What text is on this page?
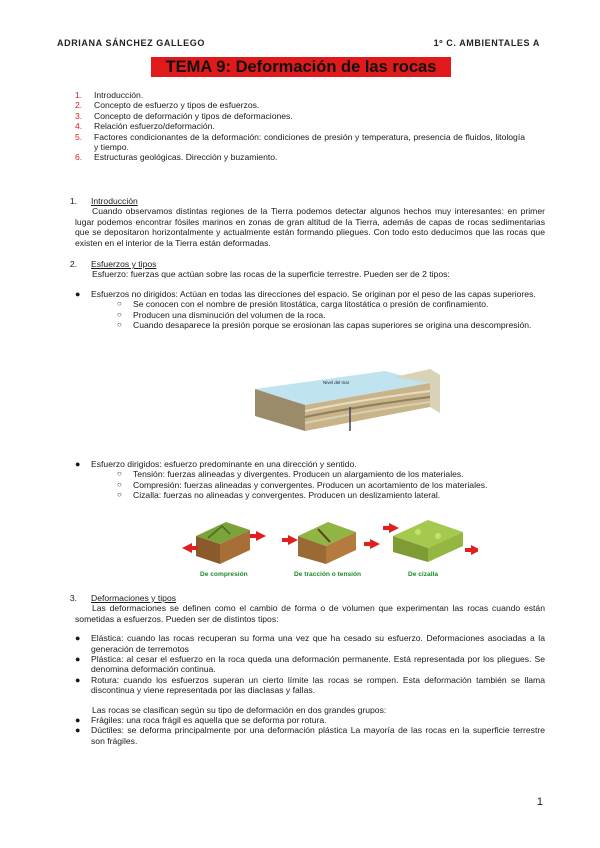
ADRIANA SÁNCHEZ GALLEGO	1º C. AMBIENTALES A
TEMA 9: Deformación de las rocas
1.	Introducción.
2.	Concepto de esfuerzo y tipos de esfuerzos.
3.	Concepto de deformación y tipos de deformaciones.
4.	Relación esfuerzo/deformación.
5.	Factores condicionantes de la deformación: condiciones de presión y temperatura, presencia de fluidos, litología y tiempo.
6.	Estructuras geológicas. Dirección y buzamiento.
1.	Introducción
Cuando observamos distintas regiones de la Tierra podemos detectar algunos hechos muy interesantes: en primer lugar podemos encontrar fósiles marinos en zonas de gran altitud de la Tierra, además de capas de rocas sedimentarias que se depositaron horizontalmente y actualmente están formando pliegues. Con todo esto deducimos que las rocas que existen en el interior de la Tierra están deformadas.
2.	Esfuerzos y tipos
Esfuerzo: fuerzas que actúan sobre las rocas de la superficie terrestre. Pueden ser de 2 tipos:
●	Esfuerzos no dirigidos: Actúan en todas las direcciones del espacio. Se originan por el peso de las capas superiores.
○	Se conocen con el nombre de presión litostática, carga litostática o presión de confinamiento.
○	Producen una disminución del volumen de la roca.
○	Cuando desaparece la presión porque se erosionan las capas superiores se origina una descompresión.
Nivel del mar
●	Esfuerzo dirigidos: esfuerzo predominante en una dirección y sentido.
○	Tensión: fuerzas alineadas y divergentes. Producen un alargamiento de los materiales.
○	Compresión: fuerzas alineadas y convergentes. Producen un acortamiento de los materiales.
○	Cizalla: fuerzas no alineadas y convergentes. Producen un deslizamiento lateral.
De compresión	De tracción o tensión	De cizalla
3.	Deformaciones y tipos
Las deformaciones se definen como el cambio de forma o de volumen que experimentan las rocas cuando están sometidas a esfuerzos. Pueden ser de distintos tipos:
●	Elástica: cuando las rocas recuperan su forma una vez que ha cesado su esfuerzo. Deformaciones asociadas a la generación de terremotos
●	Plástica: al cesar el esfuerzo en la roca queda una deformación permanente. Está representada por los pliegues. Se denomina deformación continua.
●	Rotura: cuando los esfuerzos superan un cierto límite las rocas se rompen. Esta deformación también se llama discontinua y viene representada por las diaclasas y fallas.
Las rocas se clasifican según su tipo de deformación en dos grandes grupos:
●	Frágiles: una roca frágil es aquella que se deforma por rotura.
●	Dúctiles: se deforma principalmente por una deformación plástica La mayoría de las rocas en la superficie terrestre son frágiles.
1
